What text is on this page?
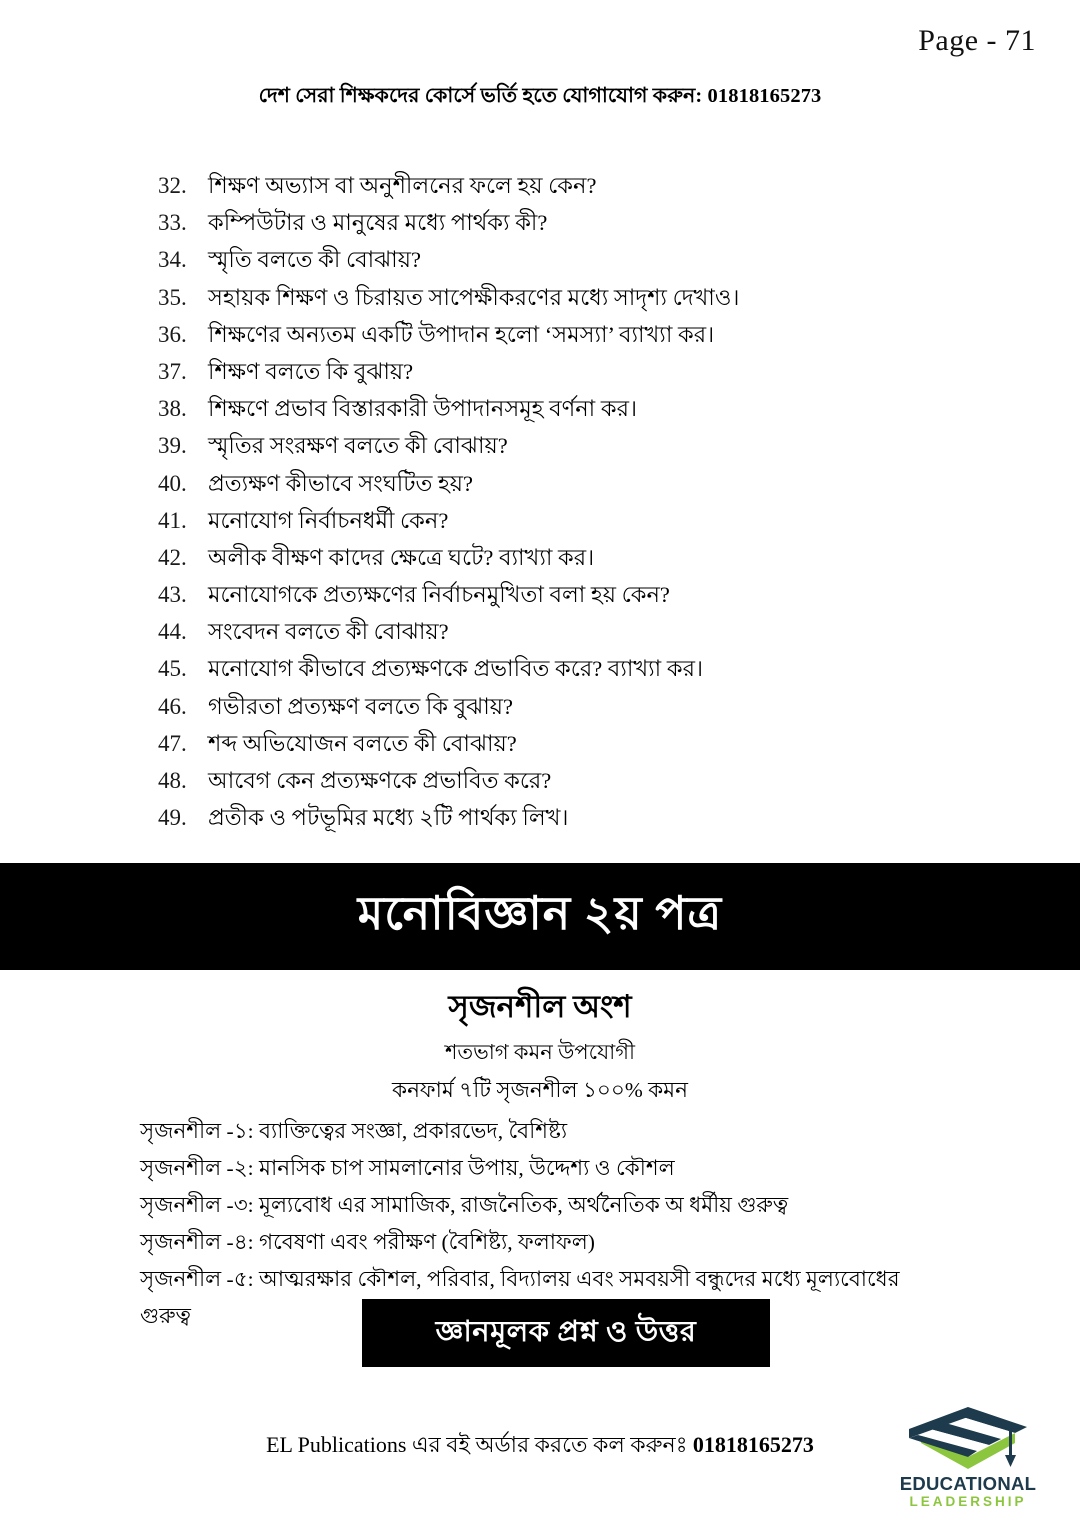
Page - 71
দেশ সেরা শিক্ষকদের কোর্সে ভর্তি হতে যোগাযোগ করুন: 01818165273
32. শিক্ষণ অভ্যাস বা অনুশীলনের ফলে হয় কেন?
33. কম্পিউটার ও মানুষের মধ্যে পার্থক্য কী?
34. স্মৃতি বলতে কী বোঝায়?
35. সহায়ক শিক্ষণ ও চিরায়ত সাপেক্ষীকরণের মধ্যে সাদৃশ্য দেখাও।
36. শিক্ষণের অন্যতম একটি উপাদান হলো ‘সমস্যা’ ব্যাখ্যা কর।
37. শিক্ষণ বলতে কি বুঝায়?
38. শিক্ষণে প্রভাব বিস্তারকারী উপাদানসমূহ বর্ণনা কর।
39. স্মৃতির সংরক্ষণ বলতে কী বোঝায়?
40. প্রত্যক্ষণ কীভাবে সংঘটিত হয়?
41. মনোযোগ নির্বাচনধর্মী কেন?
42. অলীক বীক্ষণ কাদের ক্ষেত্রে ঘটে? ব্যাখ্যা কর।
43. মনোযোগকে প্রত্যক্ষণের নির্বাচনমুখিতা বলা হয় কেন?
44. সংবেদন বলতে কী বোঝায়?
45. মনোযোগ কীভাবে প্রত্যক্ষণকে প্রভাবিত করে? ব্যাখ্যা কর।
46. গভীরতা প্রত্যক্ষণ বলতে কি বুঝায়?
47. শব্দ অভিযোজন বলতে কী বোঝায়?
48. আবেগ কেন প্রত্যক্ষণকে প্রভাবিত করে?
49. প্রতীক ও পটভূমির মধ্যে ২টি পার্থক্য লিখ।
মনোবিজ্ঞান ২য় পত্র
সৃজনশীল অংশ
শতভাগ কমন উপযোগী
কনফার্ম ৭টি সৃজনশীল ১০০% কমন
সৃজনশীল -১: ব্যাক্তিত্বের সংজ্ঞা, প্রকারভেদ, বৈশিষ্ট্য
সৃজনশীল -২: মানসিক চাপ সামলানোর উপায়, উদ্দেশ্য ও কৌশল
সৃজনশীল -৩: মূল্যবোধ এর সামাজিক, রাজনৈতিক, অর্থনৈতিক অ ধর্মীয় গুরুত্ব
সৃজনশীল -৪: গবেষণা এবং পরীক্ষণ (বৈশিষ্ট্য, ফলাফল)
সৃজনশীল -৫: আত্মরক্ষার কৌশল, পরিবার, বিদ্যালয় এবং সমবয়সী বন্ধুদের মধ্যে মূল্যবোধের গুরুত্ব	জ্ঞানমূলক প্রশ্ন ও উত্তর
EL Publications এর বই অর্ডার করতে কল করুনঃ 01818165273
EDUCATIONAL
LEADERSHIP
